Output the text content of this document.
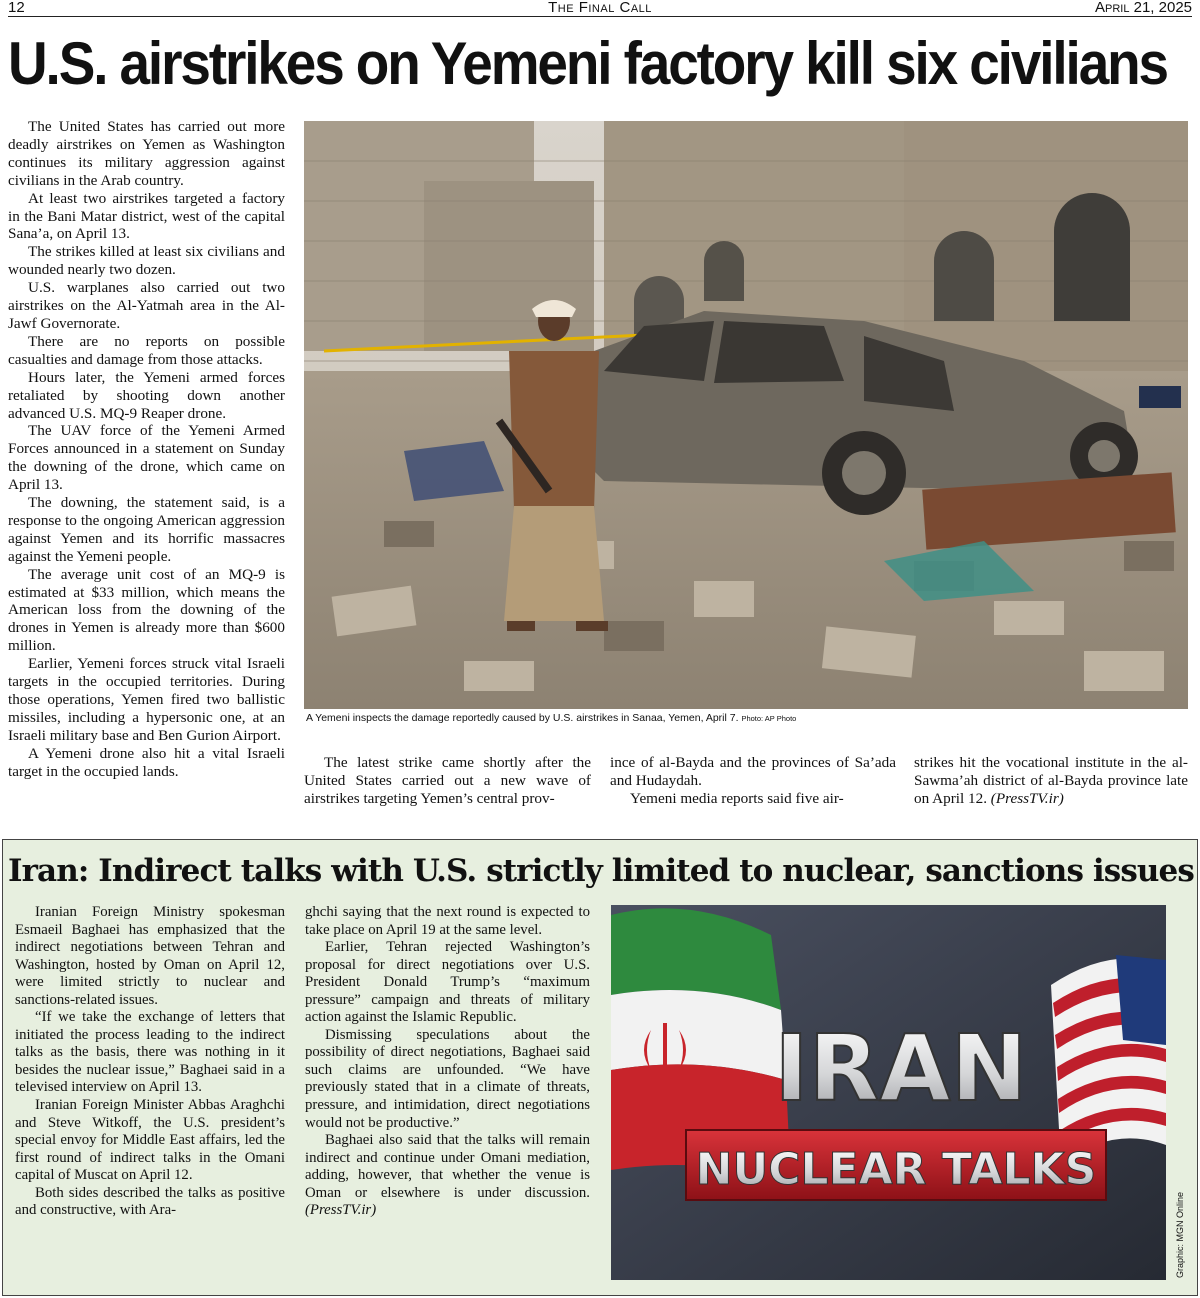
12	The Final Call	April 21, 2025
U.S. airstrikes on Yemeni factory kill six civilians

The United States has carried out more deadly airstrikes on Yemen as Washington continues its military aggression against civilians in the Arab country.

At least two airstrikes targeted a factory in the Bani Matar district, west of the capital Sana’a, on April 13.

The strikes killed at least six civilians and wounded nearly two dozen.

U.S. warplanes also carried out two airstrikes on the Al-Yatmah area in the Al-Jawf Governorate.

There are no reports on possible casualties and damage from those attacks.

Hours later, the Yemeni armed forces retaliated by shooting down another advanced U.S. MQ-9 Reaper drone.

The UAV force of the Yemeni Armed Forces announced in a statement on Sunday the downing of the drone, which came on April 13.

The downing, the statement said, is a response to the ongoing American aggression against Yemen and its horrific massacres against the Yemeni people.

The average unit cost of an MQ-9 is estimated at $33 million, which means the American loss from the downing of the drones in Yemen is already more than $600 million.

Earlier, Yemeni forces struck vital Israeli targets in the occupied territories. During those operations, Yemen fired two ballistic missiles, including a hypersonic one, at an Israeli military base and Ben Gurion Airport.

A Yemeni drone also hit a vital Israeli target in the occupied lands.

A Yemeni inspects the damage reportedly caused by U.S. airstrikes in Sanaa, Yemen, April 7. Photo: AP Photo

The latest strike came shortly after the United States carried out a new wave of airstrikes targeting Yemen’s central prov-

ince of al-Bayda and the provinces of Sa’ada and Hudaydah.

Yemeni media reports said five air-

strikes hit the vocational institute in the al-Sawma’ah district of al-Bayda province late on April 12. (PressTV.ir)

Iran: Indirect talks with U.S. strictly limited to nuclear, sanctions issues

Iranian Foreign Ministry spokesman Esmaeil Baghaei has emphasized that the indirect negotiations between Tehran and Washington, hosted by Oman on April 12, were limited strictly to nuclear and sanctions-related issues.

“If we take the exchange of letters that initiated the process leading to the indirect talks as the basis, there was nothing in it besides the nuclear issue,” Baghaei said in a televised interview on April 13.

Iranian Foreign Minister Abbas Araghchi and Steve Witkoff, the U.S. president’s special envoy for Middle East affairs, led the first round of indirect talks in the Omani capital of Muscat on April 12.

Both sides described the talks as positive and constructive, with Ara-

ghchi saying that the next round is expected to take place on April 19 at the same level.

Earlier, Tehran rejected Washington’s proposal for direct negotiations over U.S. President Donald Trump’s “maximum pressure” campaign and threats of military action against the Islamic Republic.

Dismissing speculations about the possibility of direct negotiations, Baghaei said such claims are unfounded. “We have previously stated that in a climate of threats, pressure, and intimidation, direct negotiations would not be productive.”

Baghaei also said that the talks will remain indirect and continue under Omani mediation, adding, however, that whether the venue is Oman or elsewhere is under discussion. (PressTV.ir)

IRAN
NUCLEAR TALKS
Graphic: MGN Online
